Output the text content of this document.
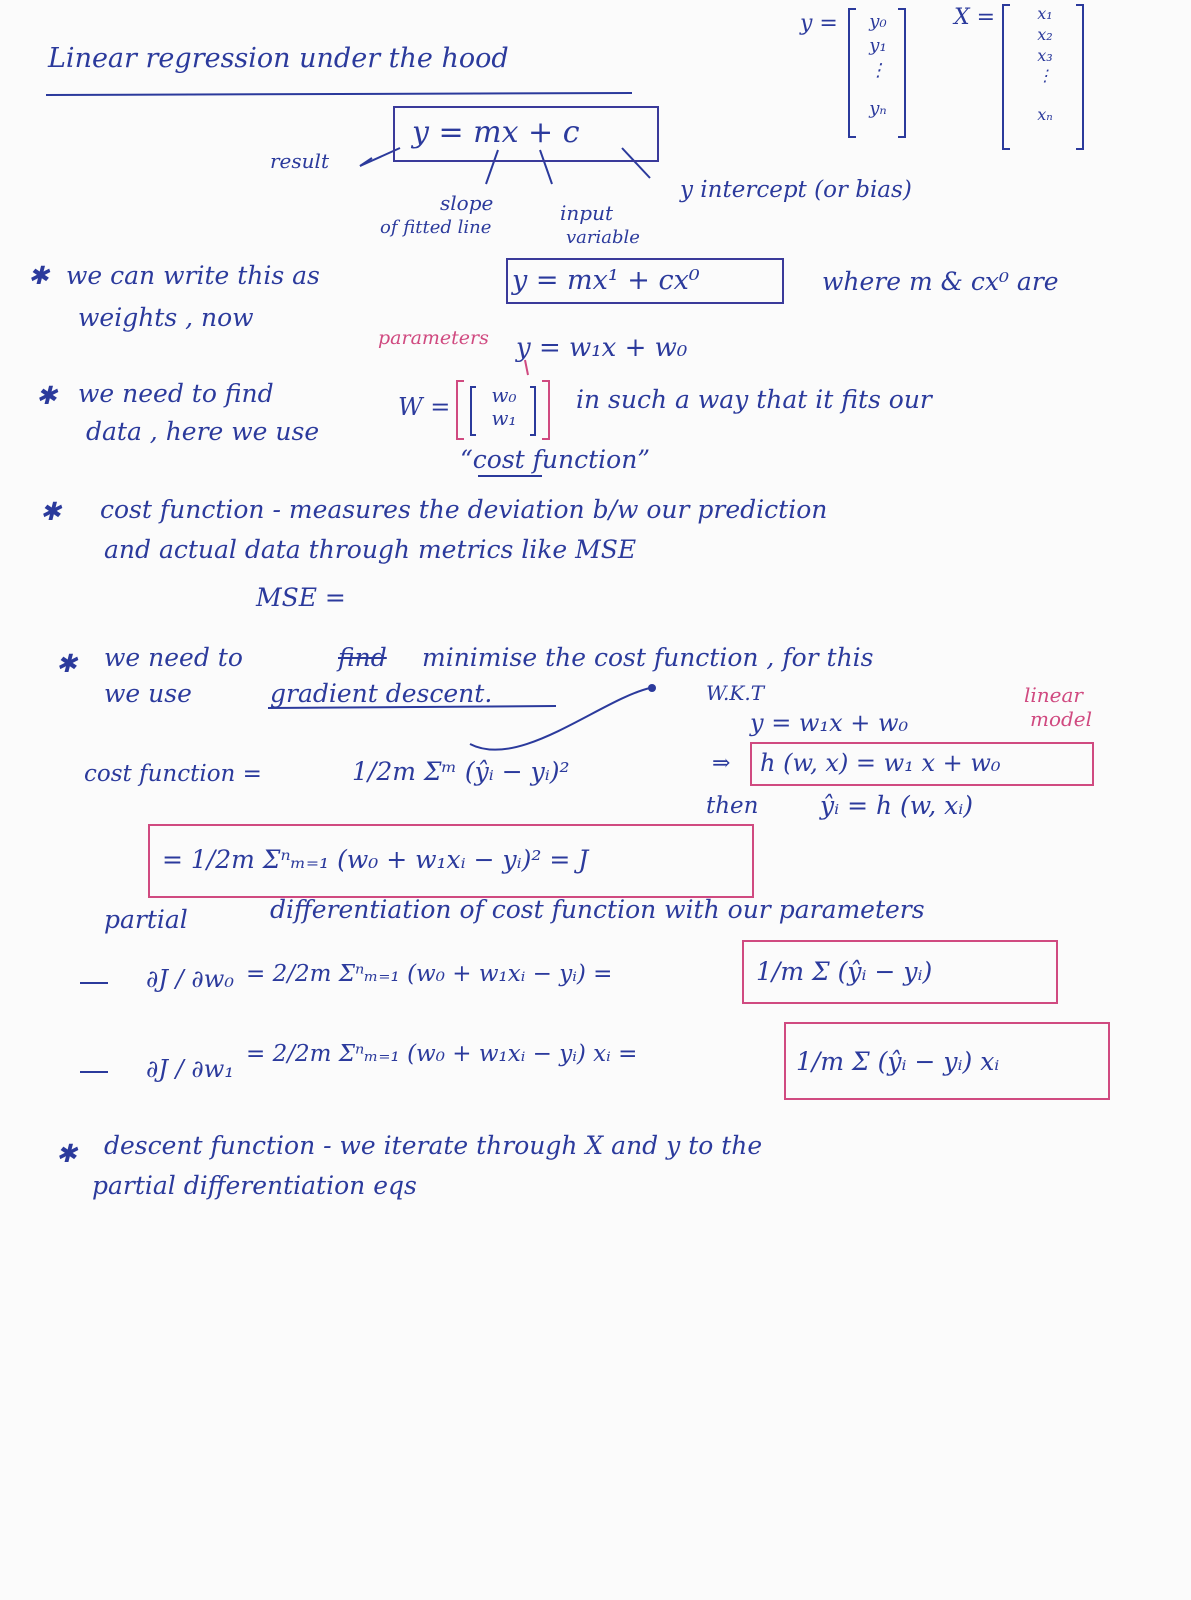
Linear regression under the hood
y =	y₀
y₁
⋮
yₙ
X =	x₁
x₂
x₃
⋮
xₙ
y = mx + c
result
slope
of fitted line
input
variable
y intercept (or bias)
✱ we can write this as	y = mx¹ + cx⁰	where m & cx⁰ are
weights , now
parameters y = w₁x + w₀
✱ we need to find	W =	w₀
w₁
in such a way that it fits our
data , here we use
“cost function”
✱ cost function - measures the deviation b/w our prediction
and actual data through metrics like MSE
MSE =
✱ we need to	find minimise the cost function , for this
we use	gradient descent.	W.K.T
y = w₁x + w₀
linear
model
⇒ h (w, x) = w₁ x + w₀
then ŷᵢ = h (w, xᵢ)
cost function =	1/2m Σᵐ (ŷᵢ − yᵢ)²
= 1/2m Σⁿₘ₌₁ (w₀ + w₁xᵢ − yᵢ)² = J
partial	differentiation of cost function with our parameters
∂J / ∂w₀ = 2/2m Σⁿₘ₌₁ (w₀ + w₁xᵢ − yᵢ) =	1/m Σ (ŷᵢ − yᵢ)
∂J / ∂w₁
= 2/2m Σⁿₘ₌₁ (w₀ + w₁xᵢ − yᵢ) xᵢ =	1/m Σ (ŷᵢ − yᵢ) xᵢ
✱ descent function - we iterate through X and y to the
partial differentiation eqs
